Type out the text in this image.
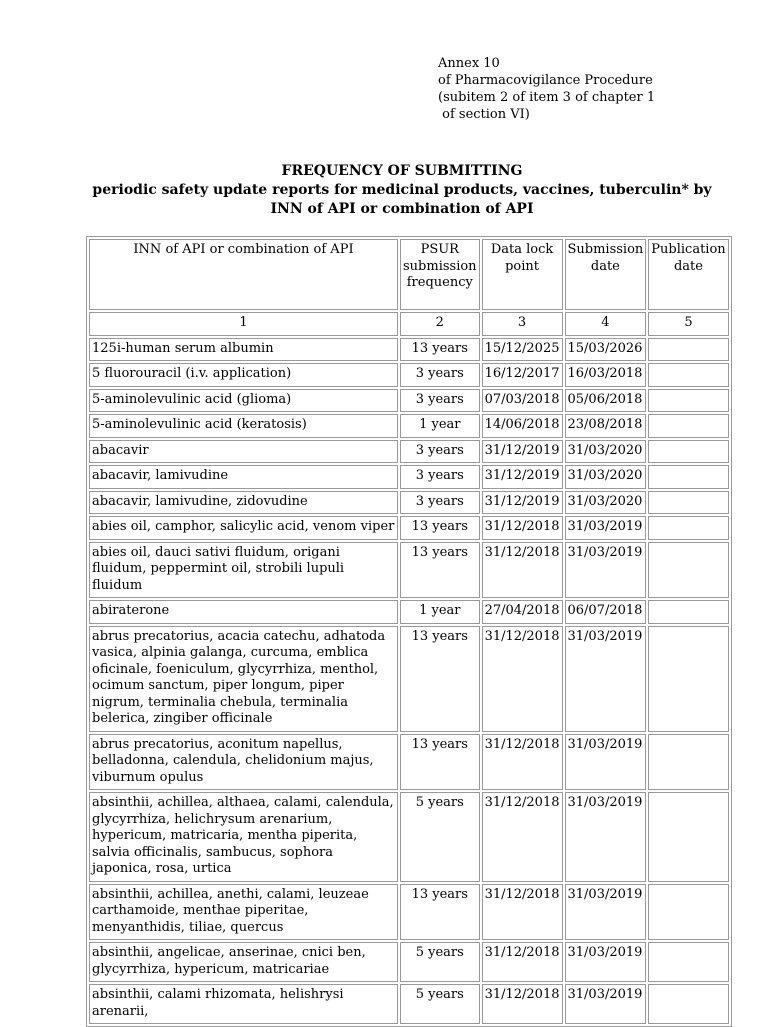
Annex 10
of Pharmacovigilance Procedure
(subitem 2 of item 3 of chapter 1
of section VI)
FREQUENCY OF SUBMITTING
periodic safety update reports for medicinal products, vaccines, tuberculin* by INN of API or combination of API
INN of API or combination of API	PSUR submission frequency	Data lock point	Submission date	Publication date
1	2	3	4	5
125i-human serum albumin	13 years	15/12/2025	15/03/2026	
5 fluorouracil (i.v. application)	3 years	16/12/2017	16/03/2018	
5-aminolevulinic acid (glioma)	3 years	07/03/2018	05/06/2018	
5-aminolevulinic acid (keratosis)	1 year	14/06/2018	23/08/2018	
abacavir	3 years	31/12/2019	31/03/2020	
abacavir, lamivudine	3 years	31/12/2019	31/03/2020	
abacavir, lamivudine, zidovudine	3 years	31/12/2019	31/03/2020	
abies oil, camphor, salicylic acid, venom viper	13 years	31/12/2018	31/03/2019	
abies oil, dauci sativi fluidum, origani fluidum, peppermint oil, strobili lupuli fluidum	13 years	31/12/2018	31/03/2019	
abiraterone	1 year	27/04/2018	06/07/2018	
abrus precatorius, acacia catechu, adhatoda vasica, alpinia galanga, curcuma, emblica oficinale, foeniculum, glycyrrhiza, menthol, ocimum sanctum, piper longum, piper nigrum, terminalia chebula, terminalia belerica, zingiber officinale	13 years	31/12/2018	31/03/2019	
abrus precatorius, aconitum napellus, belladonna, calendula, chelidonium majus, viburnum opulus	13 years	31/12/2018	31/03/2019	
absinthii, achillea, althaea, calami, calendula, glycyrrhiza, helichrysum arenarium, hypericum, matricaria, mentha piperita, salvia officinalis, sambucus, sophora japonica, rosa, urtica	5 years	31/12/2018	31/03/2019	
absinthii, achillea, anethi, calami, leuzeae carthamoide, menthae piperitae, menyanthidis, tiliae, quercus	13 years	31/12/2018	31/03/2019	
absinthii, angelicae, anserinae, cnici ben, glycyrrhiza, hypericum, matricariae	5 years	31/12/2018	31/03/2019	
absinthii, calami rhizomata, helishrysi arenarii,	5 years	31/12/2018	31/03/2019	
